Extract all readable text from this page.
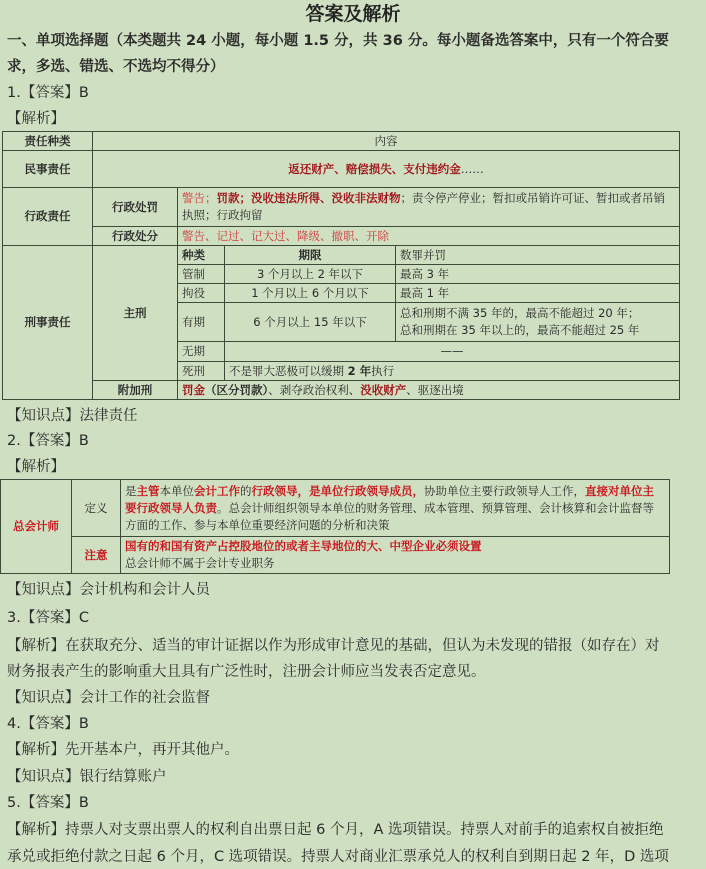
答案及解析
一、单项选择题（本类题共 24 小题，每小题 1.5 分，共 36 分。每小题备选答案中，只有一个符合要
求，多选、错选、不选均不得分）
1.【答案】B
【解析】
责任种类	内容			
民事责任	返还财产、赔偿损失、支付违约金……			
行政责任	行政处罚	警告；罚款；没收违法所得、没收非法财物；责令停产停业；暂扣或吊销许可证、暂扣或者吊销执照；行政拘留		
	行政处分	警告、记过、记大过、降级、撤职、开除		
刑事责任	主刑	种类	期限	数罪并罚
		管制	3 个月以上 2 年以下	最高 3 年
		拘役	1 个月以上 6 个月以下	最高 1 年
		有期	6 个月以上 15 年以下	总和刑期不满 35 年的，最高不能超过 20 年；
总和刑期在 35 年以上的，最高不能超过 25 年

		无期	——	
		死刑	不是罪大恶极可以缓期 2 年执行	
	附加刑	罚金（区分罚款）、剥夺政治权利、没收财产、驱逐出境		
【知识点】法律责任
2.【答案】B
【解析】
总会计师	定义	是主管本单位会计工作的行政领导，是单位行政领导成员，协助单位主要行政领导人工作，直接对单位主要行政领导人负责。总会计师组织领导本单位的财务管理、成本管理、预算管理、会计核算和会计监督等方面的工作、参与本单位重要经济问题的分析和决策
	注意	国有的和国有资产占控股地位的或者主导地位的大、中型企业必须设置
总会计师不属于会计专业职务
【知识点】会计机构和会计人员
3.【答案】C
【解析】在获取充分、适当的审计证据以作为形成审计意见的基础，但认为未发现的错报（如存在）对
财务报表产生的影响重大且具有广泛性时，注册会计师应当发表否定意见。
【知识点】会计工作的社会监督
4.【答案】B
【解析】先开基本户，再开其他户。
【知识点】银行结算账户
5.【答案】B
【解析】持票人对支票出票人的权利自出票日起 6 个月，A 选项错误。持票人对前手的追索权自被拒绝
承兑或拒绝付款之日起 6 个月，C 选项错误。持票人对商业汇票承兑人的权利自到期日起 2 年，D 选项
